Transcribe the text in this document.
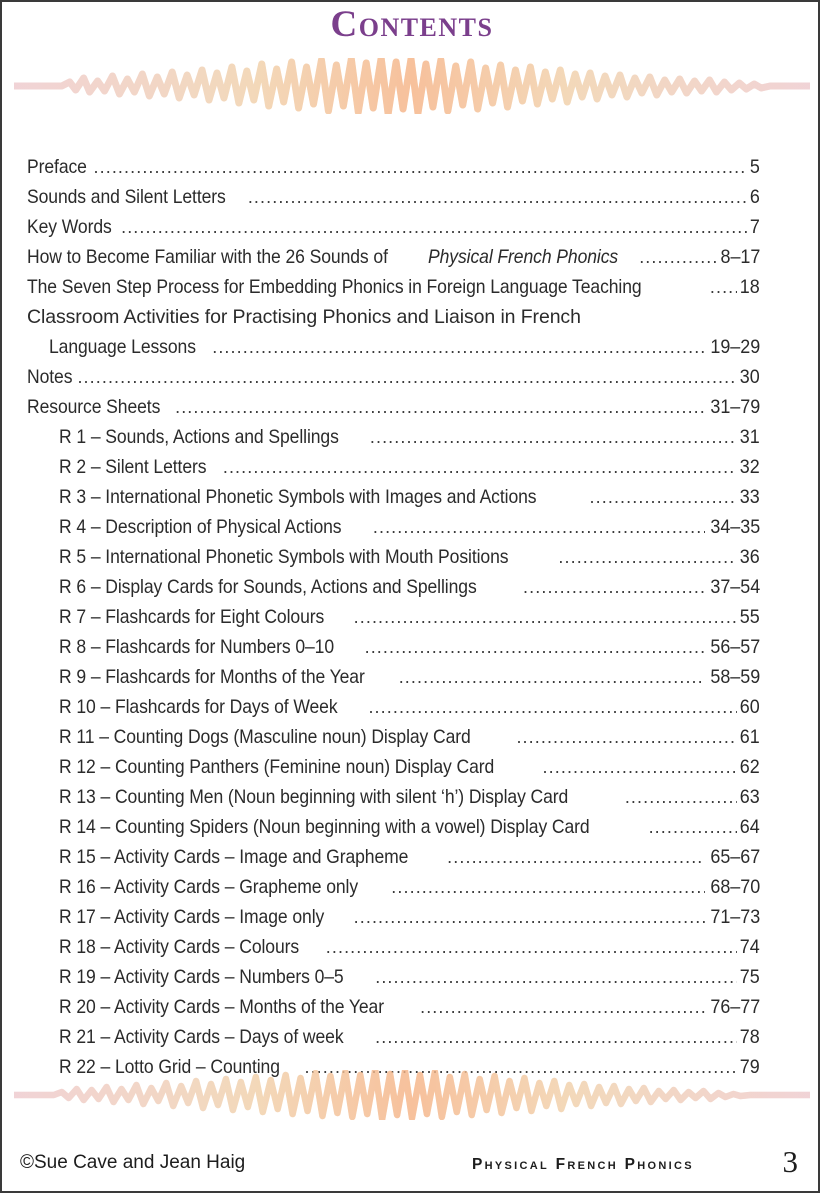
Contents
Preface .....	5
Sounds and Silent Letters .....	6
Key Words .....	7
How to Become Familiar with the 26 Sounds of Physical French Phonics .....	8–17
The Seven Step Process for Embedding Phonics in Foreign Language Teaching .....	18
Classroom Activities for Practising Phonics and Liaison in French
Language Lessons .....	19–29
Notes .....	30
Resource Sheets .....	31–79
R 1 – Sounds, Actions and Spellings .....	31
R 2 – Silent Letters .....	32
R 3 – International Phonetic Symbols with Images and Actions .....	33
R 4 – Description of Physical Actions .....	34–35
R 5 – International Phonetic Symbols with Mouth Positions .....	36
R 6 – Display Cards for Sounds, Actions and Spellings .....	37–54
R 7 – Flashcards for Eight Colours .....	55
R 8 – Flashcards for Numbers 0–10 .....	56–57
R 9 – Flashcards for Months of the Year .....	58–59
R 10 – Flashcards for Days of Week .....	60
R 11 – Counting Dogs (Masculine noun) Display Card .....	61
R 12 – Counting Panthers (Feminine noun) Display Card .....	62
R 13 – Counting Men (Noun beginning with silent ‘h’) Display Card .....	63
R 14 – Counting Spiders (Noun beginning with a vowel) Display Card .....	64
R 15 – Activity Cards – Image and Grapheme .....	65–67
R 16 – Activity Cards – Grapheme only .....	68–70
R 17 – Activity Cards – Image only .....	71–73
R 18 – Activity Cards – Colours .....	74
R 19 – Activity Cards – Numbers 0–5 .....	75
R 20 – Activity Cards – Months of the Year .....	76–77
R 21 – Activity Cards – Days of week .....	78
R 22 – Lotto Grid – Counting .....	79
©Sue Cave and Jean Haig	Physical French Phonics	3
